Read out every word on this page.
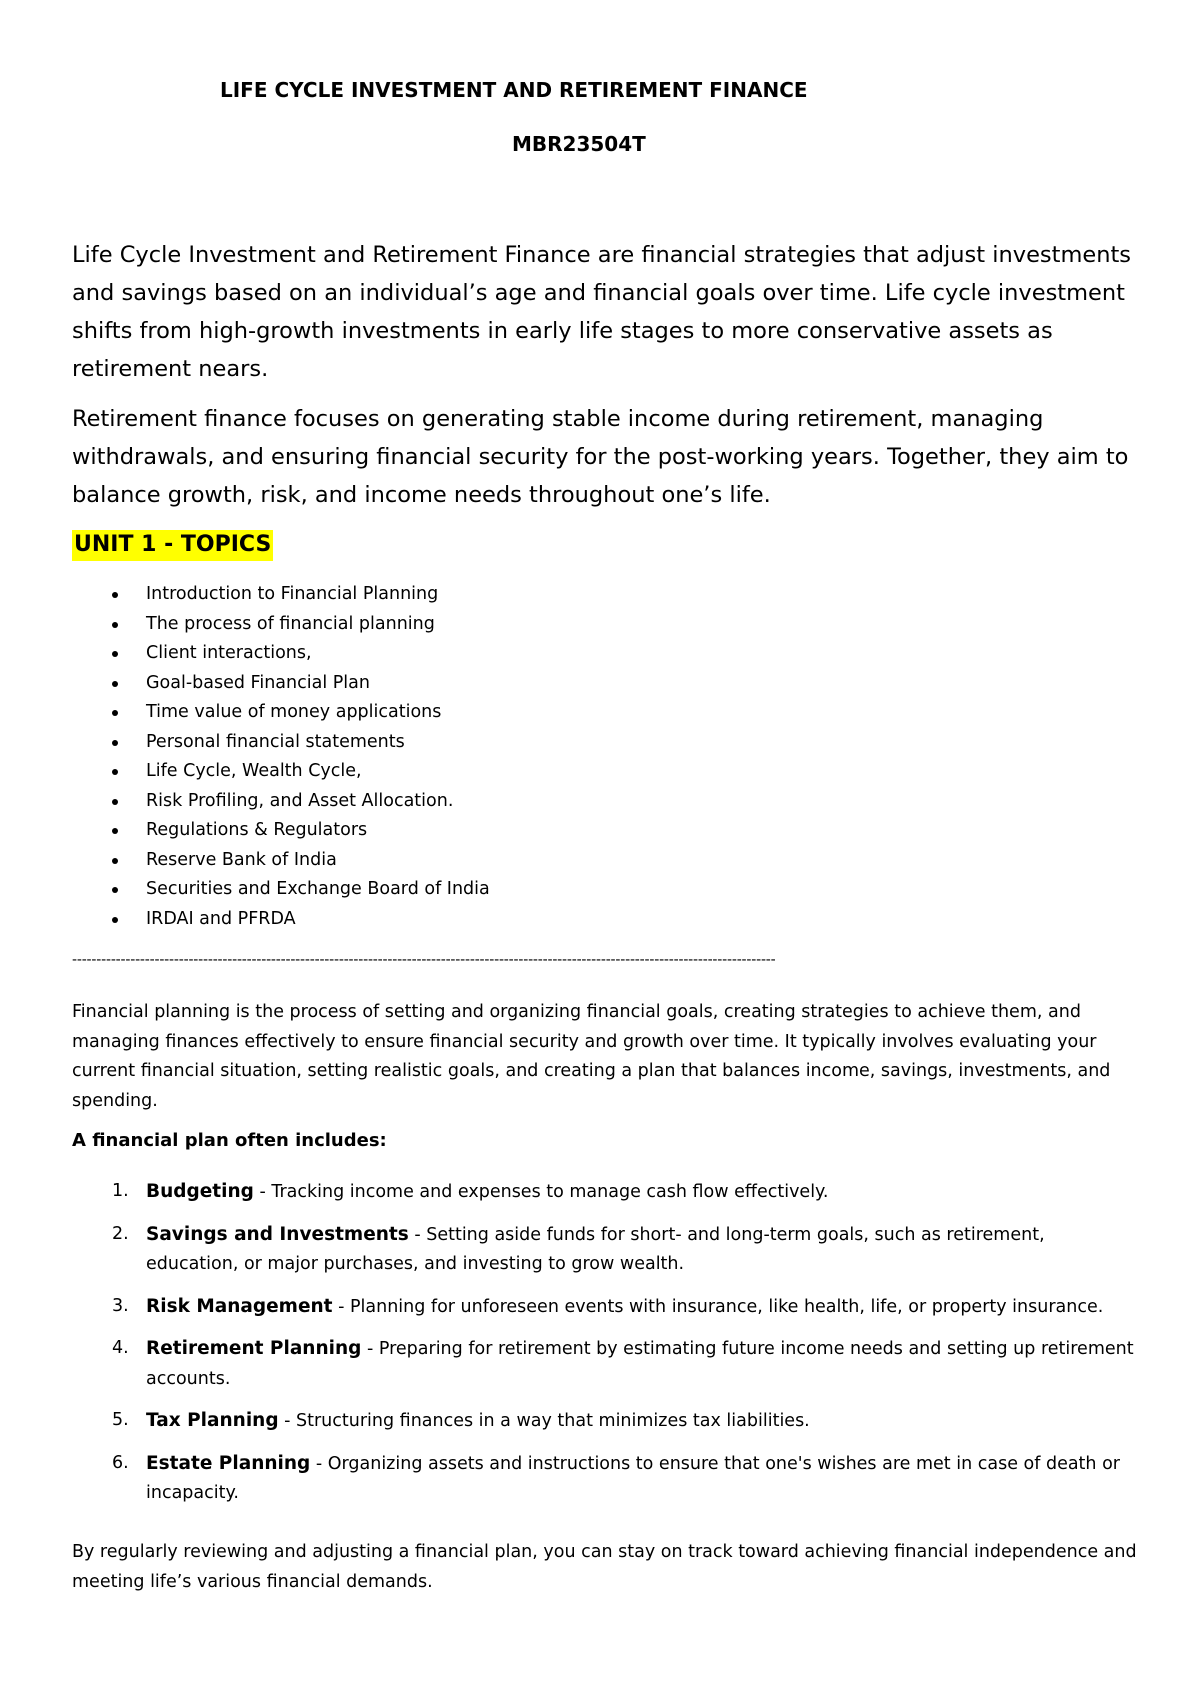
LIFE CYCLE INVESTMENT AND RETIREMENT FINANCE
MBR23504T

Life Cycle Investment and Retirement Finance are financial strategies that adjust investments and savings based on an individual’s age and financial goals over time. Life cycle investment shifts from high-growth investments in early life stages to more conservative assets as retirement nears.

Retirement finance focuses on generating stable income during retirement, managing withdrawals, and ensuring financial security for the post-working years. Together, they aim to balance growth, risk, and income needs throughout one’s life.

UNIT 1 - TOPICS
Introduction to Financial Planning
The process of financial planning
Client interactions,
Goal-based Financial Plan
Time value of money applications
Personal financial statements
Life Cycle, Wealth Cycle,
Risk Profiling, and Asset Allocation.
Regulations & Regulators
Reserve Bank of India
Securities and Exchange Board of India
IRDAI and PFRDA
-------------------------------------------------------------------------------------------------------------------------------------------------

Financial planning is the process of setting and organizing financial goals, creating strategies to achieve them, and managing finances effectively to ensure financial security and growth over time. It typically involves evaluating your current financial situation, setting realistic goals, and creating a plan that balances income, savings, investments, and spending.

A financial plan often includes:
1. Budgeting - Tracking income and expenses to manage cash flow effectively.
2. Savings and Investments - Setting aside funds for short- and long-term goals, such as retirement, education, or major purchases, and investing to grow wealth.
3. Risk Management - Planning for unforeseen events with insurance, like health, life, or property insurance.
4. Retirement Planning - Preparing for retirement by estimating future income needs and setting up retirement accounts.
5. Tax Planning - Structuring finances in a way that minimizes tax liabilities.
6. Estate Planning - Organizing assets and instructions to ensure that one's wishes are met in case of death or incapacity.

By regularly reviewing and adjusting a financial plan, you can stay on track toward achieving financial independence and meeting life’s various financial demands.
